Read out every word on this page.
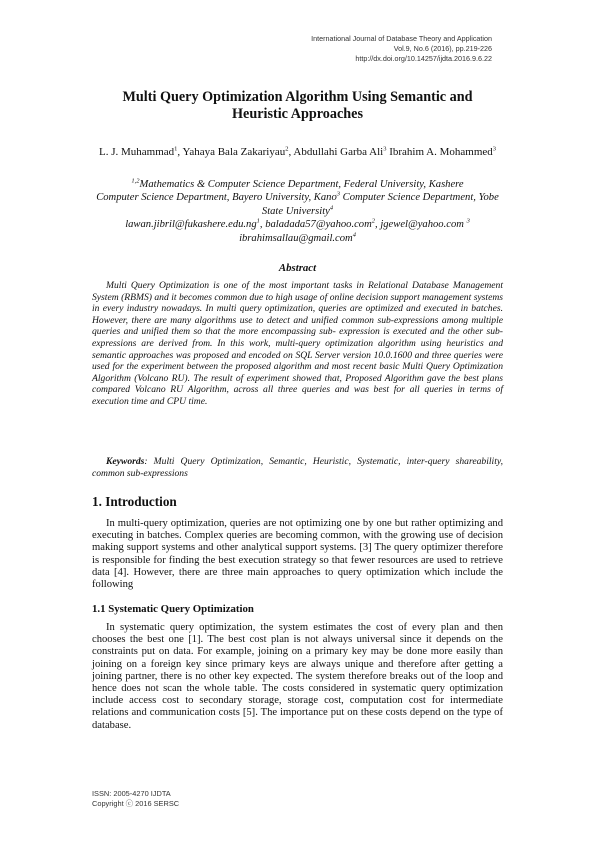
International Journal of Database Theory and Application
Vol.9, No.6 (2016), pp.219-226
http://dx.doi.org/10.14257/ijdta.2016.9.6.22
Multi Query Optimization Algorithm Using Semantic and Heuristic Approaches
L. J. Muhammad$^1$, Yahaya Bala Zakariyau$^2$, Abdullahi Garba Ali$^3$ Ibrahim A. Mohammed$^3$
$^{1,2}$Mathematics & Computer Science Department, Federal University, Kashere
Computer Science Department, Bayero University, Kano$^3$ Computer Science Department, Yobe State University$^4$
$lawan.jibril@fukashere.edu.ng^1$, baladada57@yahoo.com$^2$, jgewel@yahoo.com $^3$
ibrahimsallau@gmail.com$^4$
Abstract

Multi Query Optimization is one of the most important tasks in Relational Database Management System (RBMS) and it becomes common due to high usage of online decision support management systems in every industry nowadays. In multi query optimization, queries are optimized and executed in batches. However, there are many algorithms use to detect and unified common sub-expressions among multiple queries and unified them so that the more encompassing sub- expression is executed and the other sub-expressions are derived from. In this work, multi-query optimization algorithm using heuristics and semantic approaches was proposed and encoded on SQL Server version 10.0.1600 and three queries were used for the experiment between the proposed algorithm and most recent basic Multi Query Optimization Algorithm (Volcano RU). The result of experiment showed that, Proposed Algorithm gave the best plans compared Volcano RU Algorithm, across all three queries and was best for all queries in terms of execution time and CPU time.

Keywords: Multi Query Optimization, Semantic, Heuristic, Systematic, inter-query shareability, common sub-expressions
1. Introduction

In multi-query optimization, queries are not optimizing one by one but rather optimizing and executing in batches. Complex queries are becoming common, with the growing use of decision making support systems and other analytical support systems. [3] The query optimizer therefore is responsible for finding the best execution strategy so that fewer resources are used to retrieve data [4]. However, there are three main approaches to query optimization which include the following

1.1 Systematic Query Optimization

In systematic query optimization, the system estimates the cost of every plan and then chooses the best one [1]. The best cost plan is not always universal since it depends on the constraints put on data. For example, joining on a primary key may be done more easily than joining on a foreign key since primary keys are always unique and therefore after getting a joining partner, there is no other key expected. The system therefore breaks out of the loop and hence does not scan the whole table. The costs considered in systematic query optimization include access cost to secondary storage, storage cost, computation cost for intermediate relations and communication costs [5]. The importance put on these costs depend on the type of database.

ISSN: 2005-4270 IJDTA
Copyright ⓒ 2016 SERSC
